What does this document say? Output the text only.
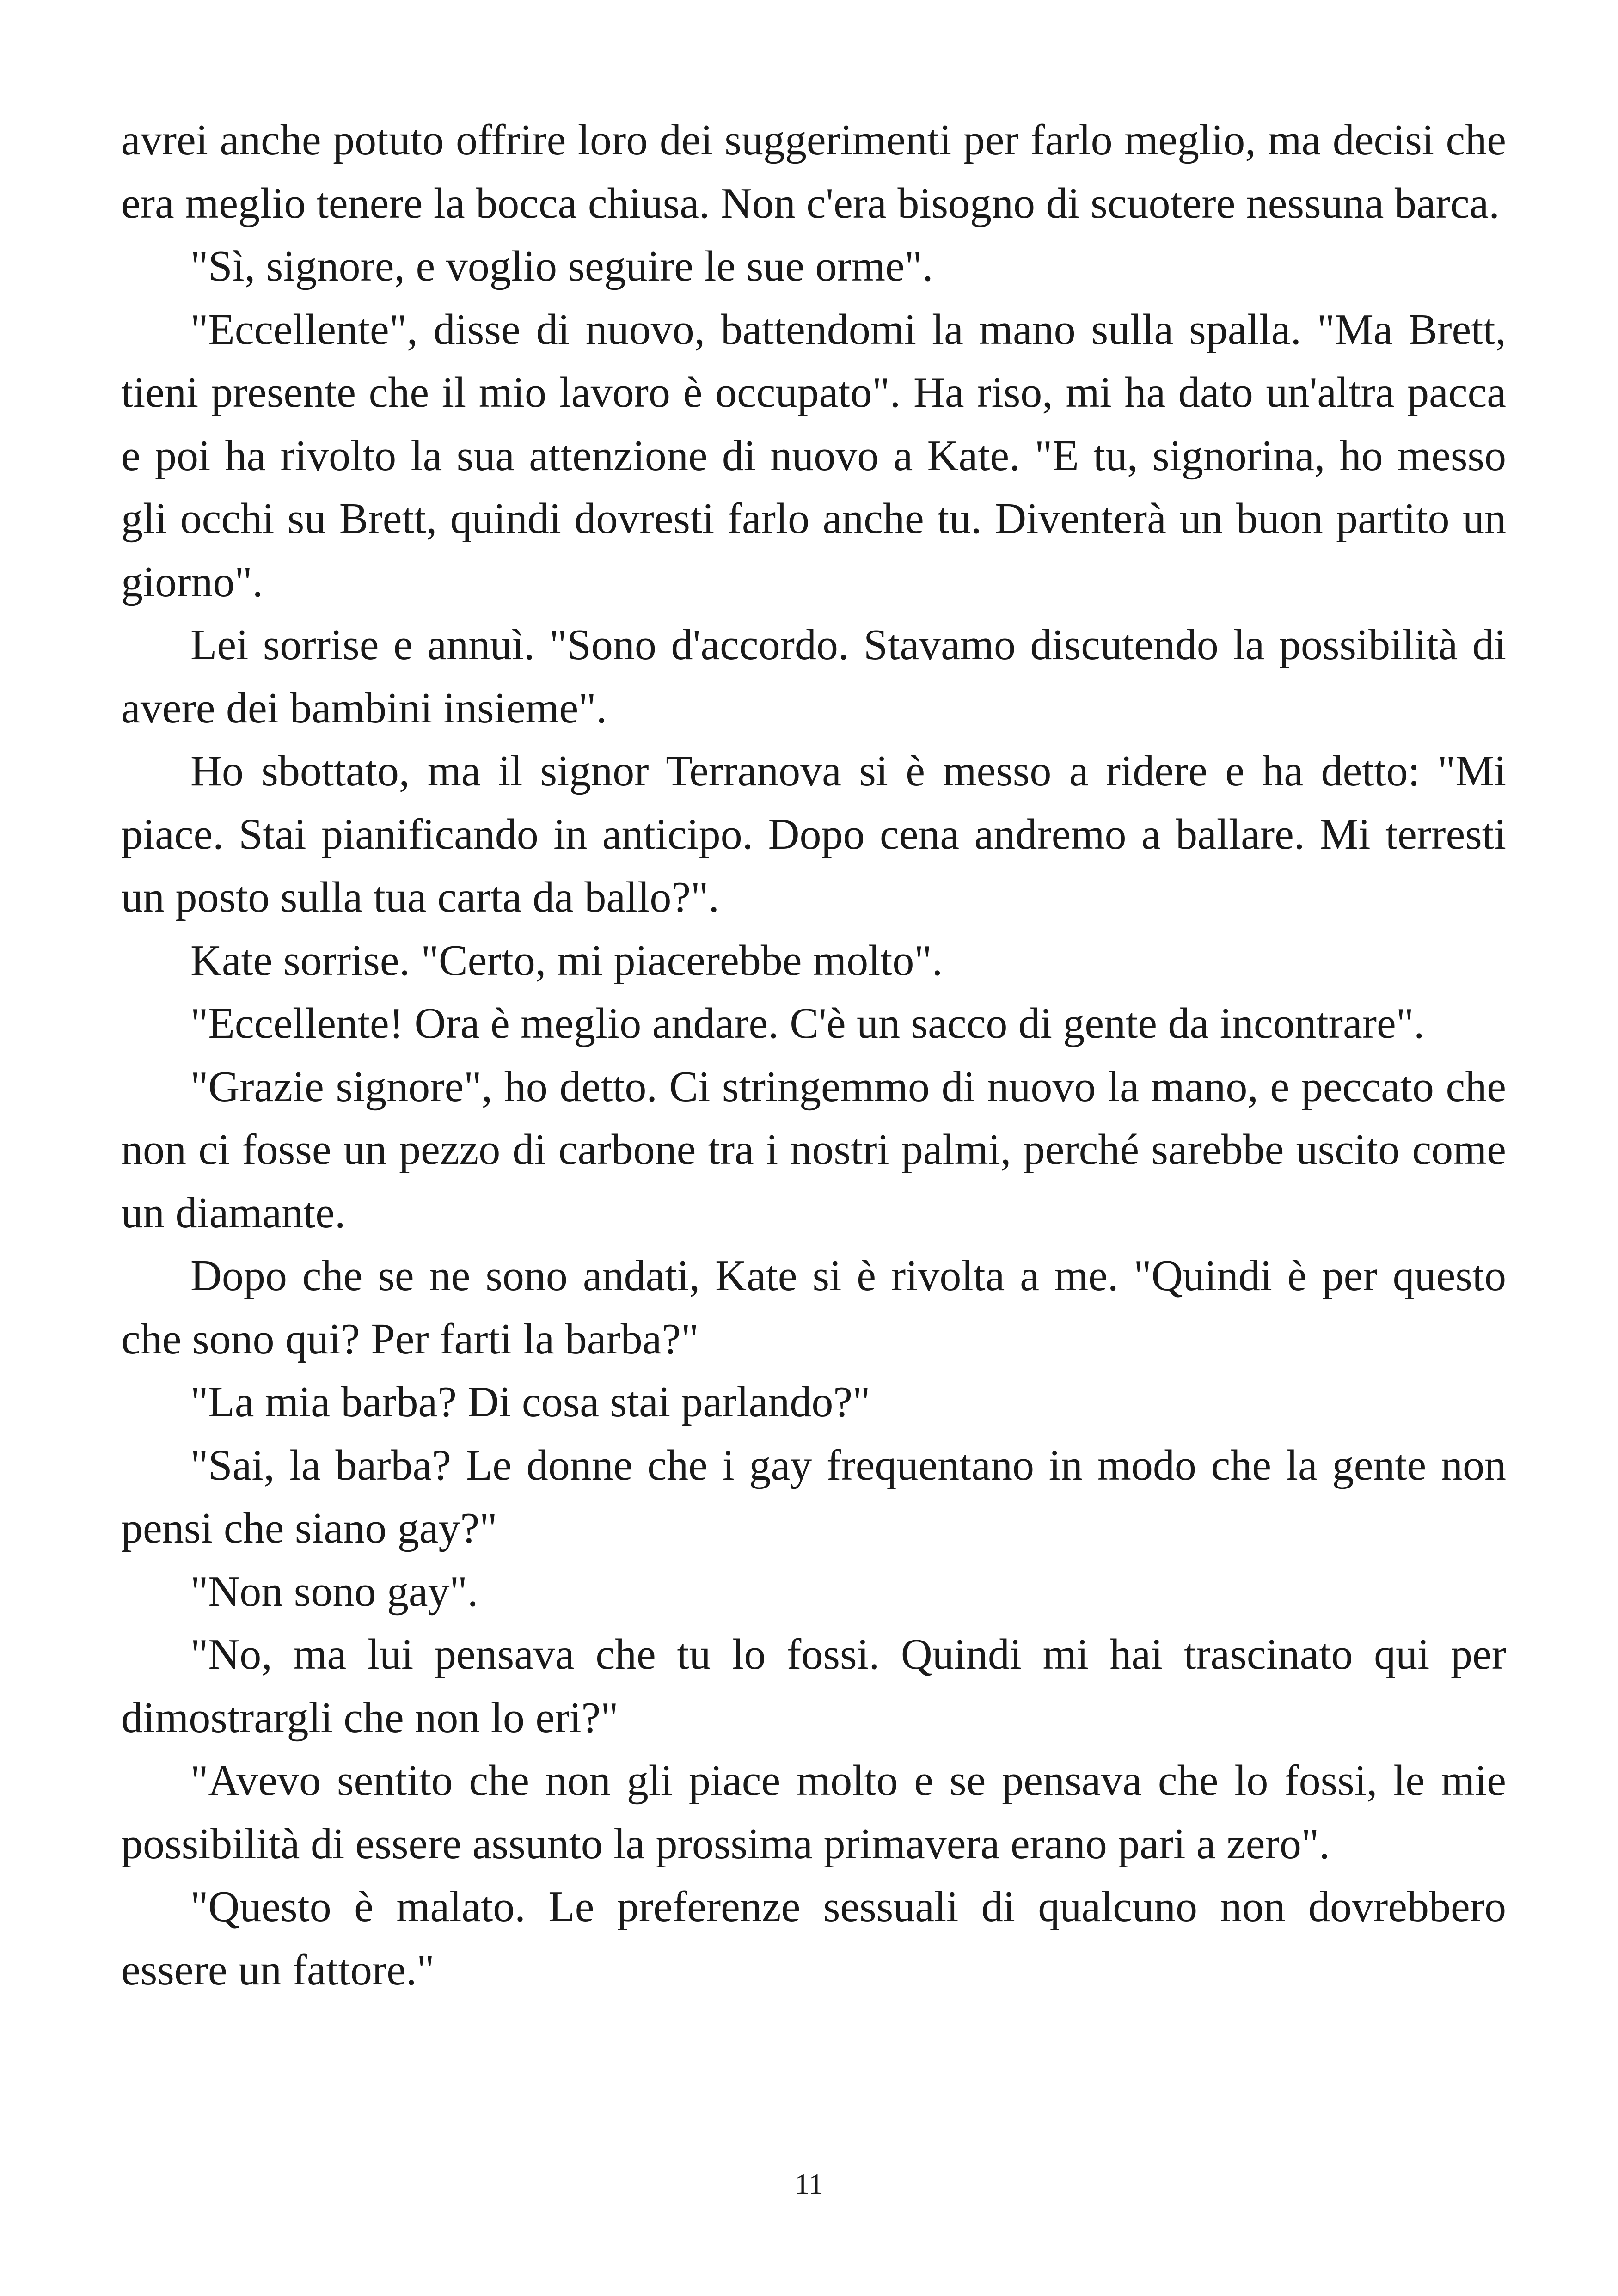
avrei anche potuto offrire loro dei suggerimenti per farlo meglio, ma decisi che era meglio tenere la bocca chiusa. Non c'era bisogno di scuotere nessuna barca.

"Sì, signore, e voglio seguire le sue orme".

"Eccellente", disse di nuovo, battendomi la mano sulla spalla. "Ma Brett, tieni presente che il mio lavoro è occupato". Ha riso, mi ha dato un'altra pacca e poi ha rivolto la sua attenzione di nuovo a Kate. "E tu, signorina, ho messo gli occhi su Brett, quindi dovresti farlo anche tu. Diventerà un buon partito un giorno".

Lei sorrise e annuì. "Sono d'accordo. Stavamo discutendo la possibilità di avere dei bambini insieme".

Ho sbottato, ma il signor Terranova si è messo a ridere e ha detto: "Mi piace. Stai pianificando in anticipo. Dopo cena andremo a ballare. Mi terresti un posto sulla tua carta da ballo?".

Kate sorrise. "Certo, mi piacerebbe molto".

"Eccellente! Ora è meglio andare. C'è un sacco di gente da incontrare".

"Grazie signore", ho detto. Ci stringemmo di nuovo la mano, e peccato che non ci fosse un pezzo di carbone tra i nostri palmi, perché sarebbe uscito come un diamante.

Dopo che se ne sono andati, Kate si è rivolta a me. "Quindi è per questo che sono qui? Per farti la barba?"

"La mia barba? Di cosa stai parlando?"

"Sai, la barba? Le donne che i gay frequentano in modo che la gente non pensi che siano gay?"

"Non sono gay".

"No, ma lui pensava che tu lo fossi. Quindi mi hai trascinato qui per dimostrargli che non lo eri?"

"Avevo sentito che non gli piace molto e se pensava che lo fossi, le mie possibilità di essere assunto la prossima primavera erano pari a zero".

"Questo è malato. Le preferenze sessuali di qualcuno non dovrebbero essere un fattore."

11
